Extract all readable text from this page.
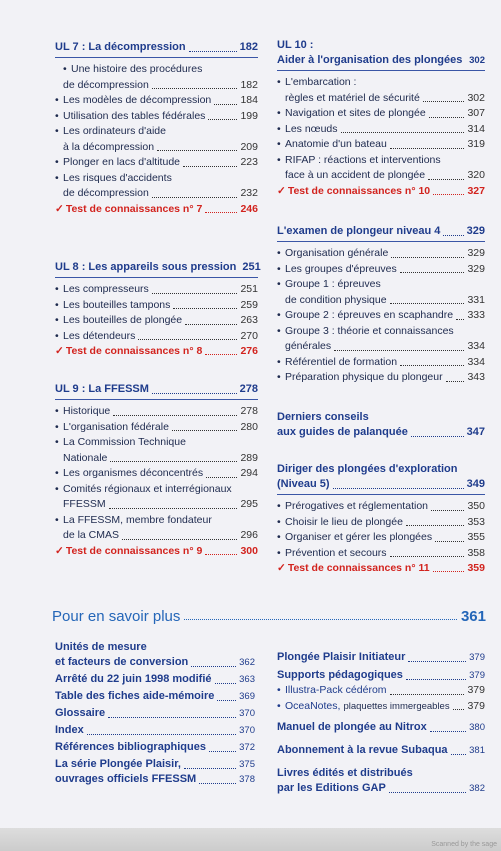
UL 7 : La décompression	182
• Une histoire des procédures
de décompression	182
• Les modèles de décompression	184
• Utilisation des tables fédérales	199
• Les ordinateurs d'aide
à la décompression	209
• Plonger en lacs d'altitude	223
• Les risques d'accidents
de décompression	232
✓ Test de connaissances n° 7	246
UL 8 : Les appareils sous pression 251
• Les compresseurs	251
• Les bouteilles tampons	259
• Les bouteilles de plongée	263
• Les détendeurs	270
✓ Test de connaissances n° 8	276
UL 9 : La FFESSM	278
• Historique	278
• L'organisation fédérale	280
• La Commission Technique
Nationale	289
• Les organismes déconcentrés	294
• Comités régionaux et interrégionaux
FFESSM	295
• La FFESSM, membre fondateur
de la CMAS	296
✓ Test de connaissances n° 9	300
UL 10 :
Aider à l'organisation des plongées 302
• L'embarcation :
règles et matériel de sécurité	302
• Navigation et sites de plongée	307
• Les nœuds	314
• Anatomie d'un bateau	319
• RIFAP : réactions et interventions
face à un accident de plongée	320
✓ Test de connaissances n° 10	327
L'examen de plongeur niveau 4 329
• Organisation générale	329
• Les groupes d'épreuves	329
• Groupe 1 : épreuves
de condition physique	331
• Groupe 2 : épreuves en scaphandre 333
• Groupe 3 : théorie et connaissances
générales	334
• Référentiel de formation	334
• Préparation physique du plongeur 343
Derniers conseils
aux guides de palanquée	347
Diriger des plongées d'exploration
(Niveau 5)	349
• Prérogatives et réglementation	350
• Choisir le lieu de plongée	353
• Organiser et gérer les plongées	355
• Prévention et secours	358
✓ Test de connaissances n° 11	359
Pour en savoir plus	361
Unités de mesure
et facteurs de conversion	362
Arrêté du 22 juin 1998 modifié	363
Table des fiches aide-mémoire	369
Glossaire	370
Index	370
Références bibliographiques	372
La série Plongée Plaisir,	375
ouvrages officiels FFESSM	378
Plongée Plaisir Initiateur	379
Supports pédagogiques	379
• Illustra-Pack cédérom	379
• OceaNotes, plaquettes immergeables 379
Manuel de plongée au Nitrox	380
Abonnement à la revue Subaqua 381
Livres édités et distribués
par les Editions GAP	382
Scanned by the sage
